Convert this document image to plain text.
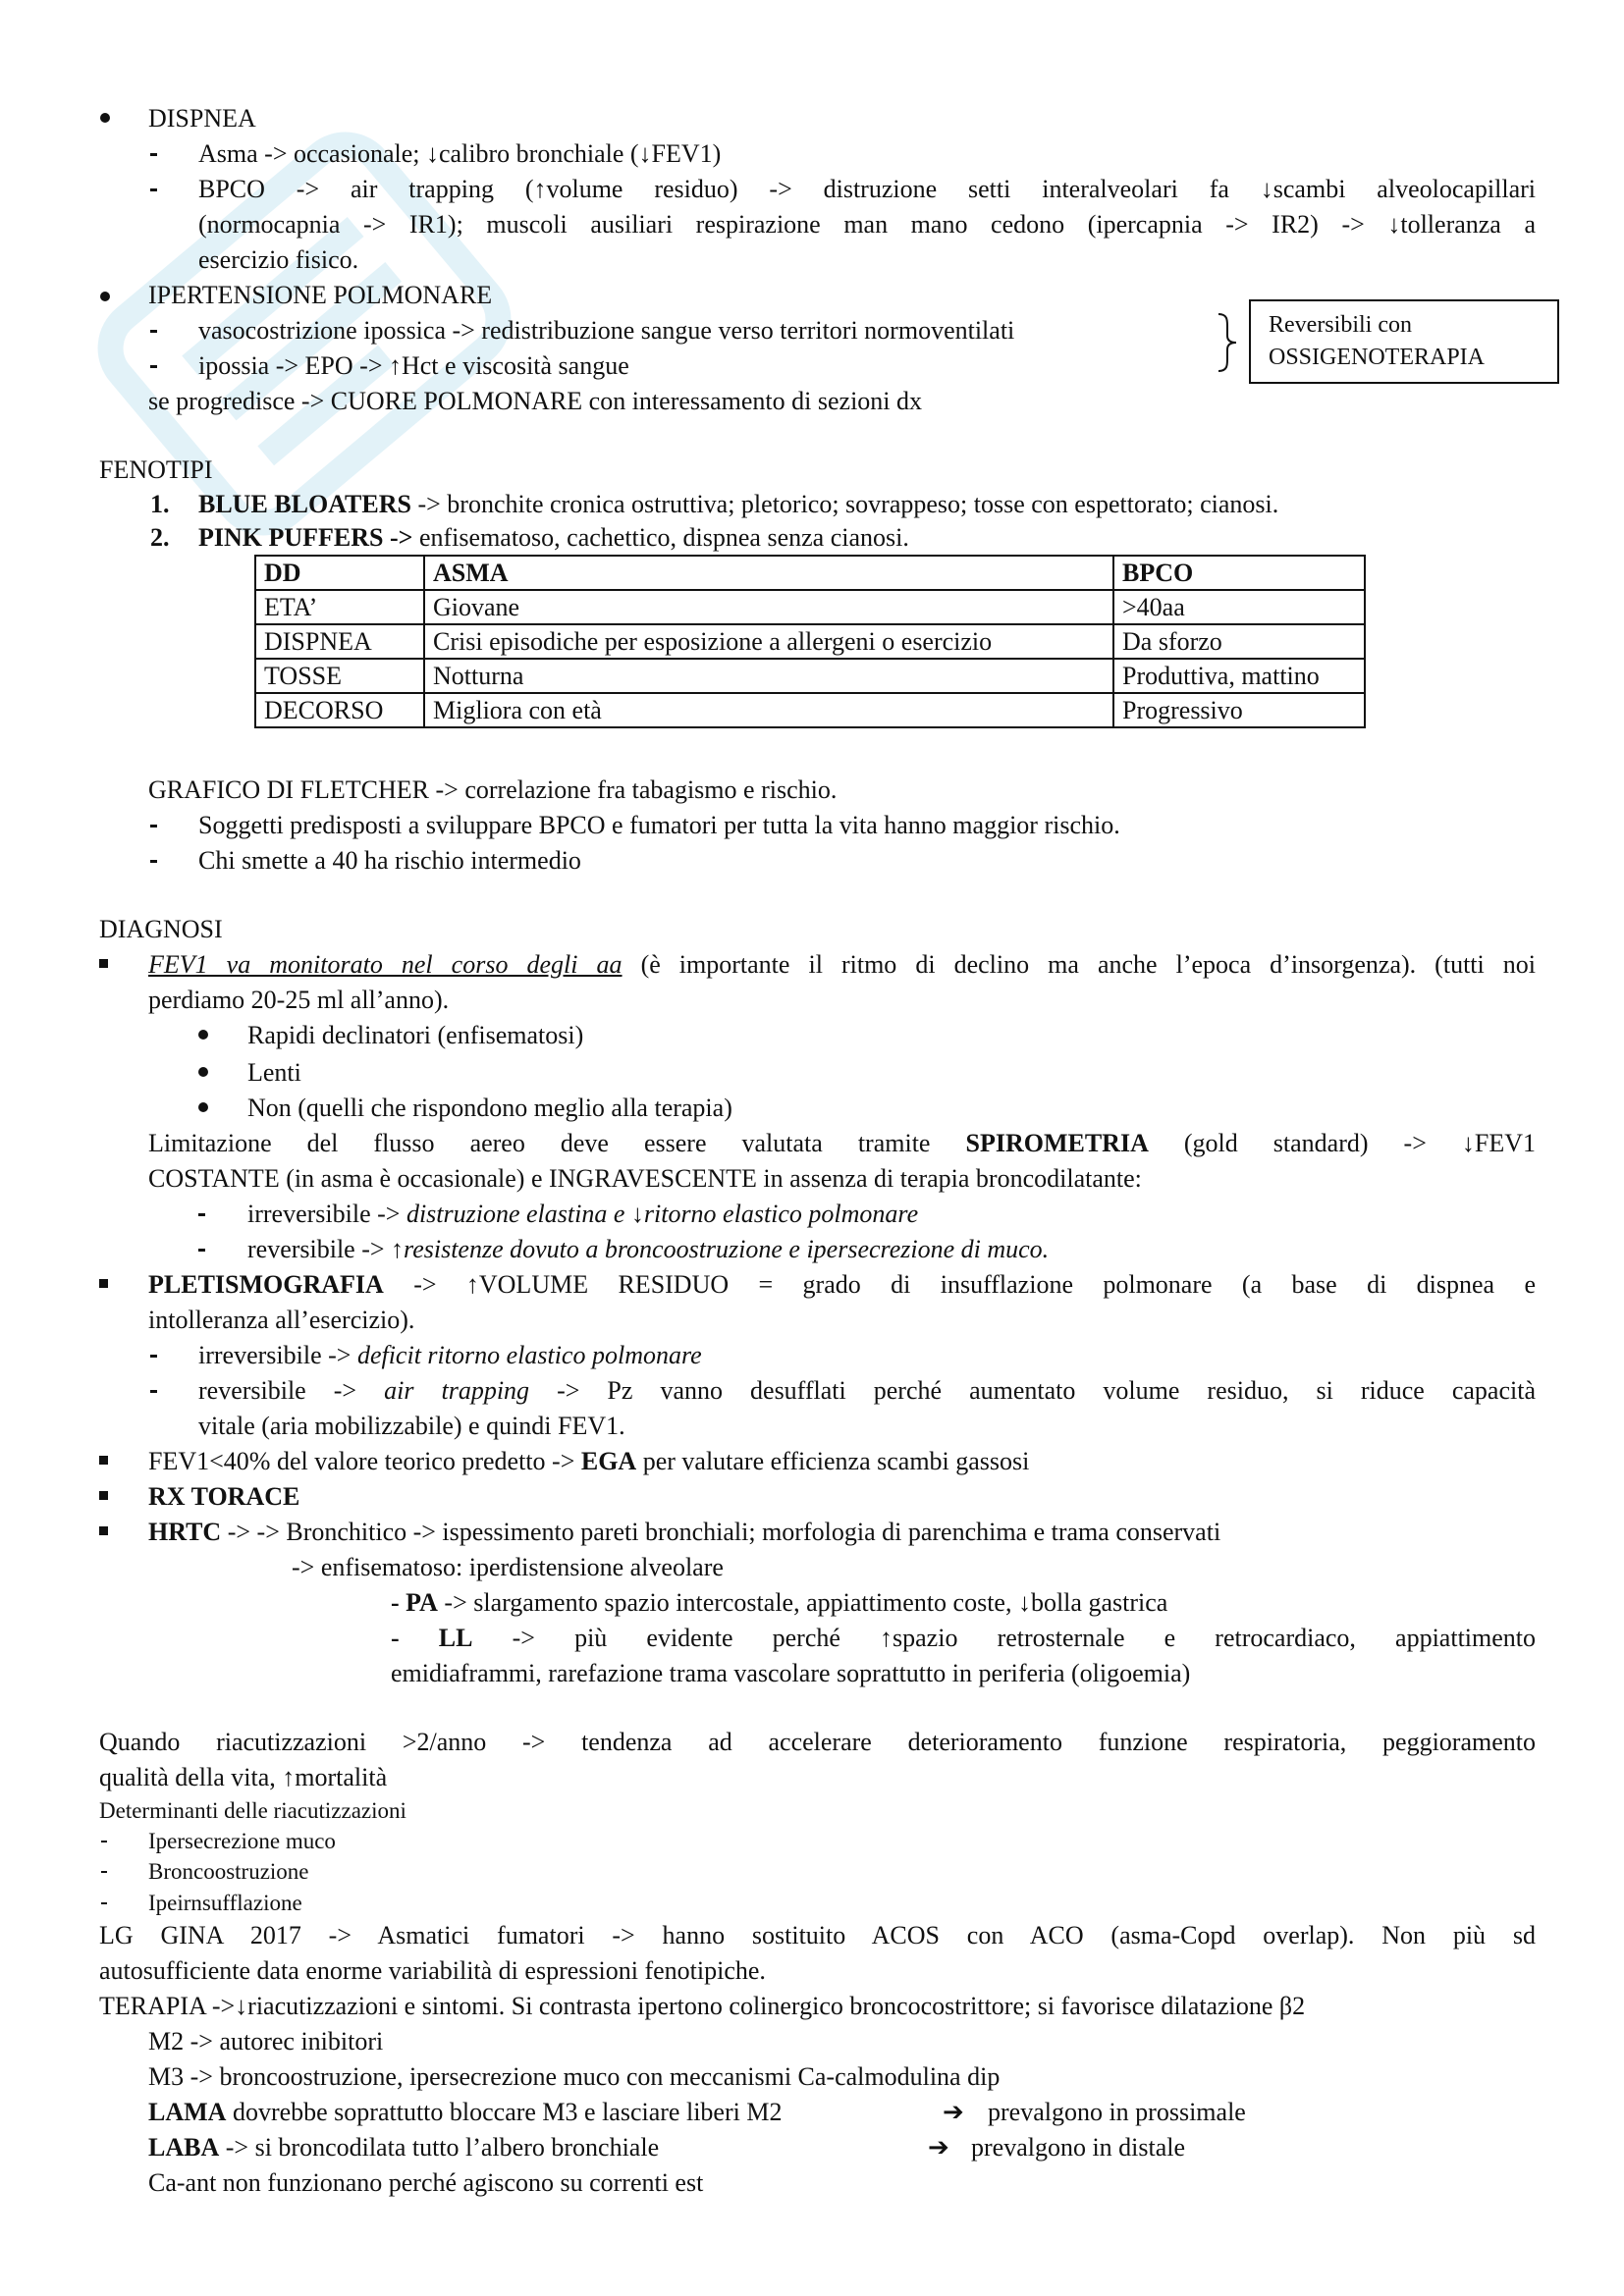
DISPNEA
Asma -> occasionale; ↓calibro bronchiale (↓FEV1)
BPCO -> air trapping (↑volume residuo) -> distruzione setti interalveolari fa ↓scambi alveolocapillari
(normocapnia -> IR1); muscoli ausiliari respirazione man mano cedono (ipercapnia -> IR2) -> ↓tolleranza a
esercizio fisico.
IPERTENSIONE POLMONARE
vasocostrizione ipossica -> redistribuzione sangue verso territori normoventilati
ipossia -> EPO -> ↑Hct e viscosità sangue
se progredisce -> CUORE POLMONARE con interessamento di sezioni dx
Reversibili con
OSSIGENOTERAPIA
FENOTIPI
1. BLUE BLOATERS -> bronchite cronica ostruttiva; pletorico; sovrappeso; tosse con espettorato; cianosi.
2. PINK PUFFERS -> enfisematoso, cachettico, dispnea senza cianosi.
DD	ASMA	BPCO
ETA’	Giovane	>40aa
DISPNEA	Crisi episodiche per esposizione a allergeni o esercizio	Da sforzo
TOSSE	Notturna	Produttiva, mattino
DECORSO	Migliora con età	Progressivo
GRAFICO DI FLETCHER -> correlazione fra tabagismo e rischio.
Soggetti predisposti a sviluppare BPCO e fumatori per tutta la vita hanno maggior rischio.
Chi smette a 40 ha rischio intermedio
DIAGNOSI
FEV1 va monitorato nel corso degli aa (è importante il ritmo di declino ma anche l’epoca d’insorgenza). (tutti noi
perdiamo 20-25 ml all’anno).
Rapidi declinatori (enfisematosi)
Lenti
Non (quelli che rispondono meglio alla terapia)
Limitazione del flusso aereo deve essere valutata tramite SPIROMETRIA (gold standard) -> ↓FEV1
COSTANTE (in asma è occasionale) e INGRAVESCENTE in assenza di terapia broncodilatante:
irreversibile -> distruzione elastina e ↓ritorno elastico polmonare
reversibile -> ↑resistenze dovuto a broncoostruzione e ipersecrezione di muco.
PLETISMOGRAFIA -> ↑VOLUME RESIDUO = grado di insufflazione polmonare (a base di dispnea e
intolleranza all’esercizio).
irreversibile -> deficit ritorno elastico polmonare
reversibile -> air trapping -> Pz vanno desufflati perché aumentato volume residuo, si riduce capacità
vitale (aria mobilizzabile) e quindi FEV1.
FEV1<40% del valore teorico predetto -> EGA per valutare efficienza scambi gassosi
RX TORACE
HRTC -> -> Bronchitico -> ispessimento pareti bronchiali; morfologia di parenchima e trama conservati
-> enfisematoso: iperdistensione alveolare
- PA -> slargamento spazio intercostale, appiattimento coste, ↓bolla gastrica
- LL -> più evidente perché ↑spazio retrosternale e retrocardiaco, appiattimento
emidiaframmi, rarefazione trama vascolare soprattutto in periferia (oligoemia)
Quando riacutizzazioni >2/anno -> tendenza ad accelerare deterioramento funzione respiratoria, peggioramento
qualità della vita, ↑mortalità
Determinanti delle riacutizzazioni
Ipersecrezione muco
Broncoostruzione
Ipeirnsufflazione
LG GINA 2017 -> Asmatici fumatori -> hanno sostituito ACOS con ACO (asma-Copd overlap). Non più sd
autosufficiente data enorme variabilità di espressioni fenotipiche.
TERAPIA ->↓riacutizzazioni e sintomi. Si contrasta ipertono colinergico broncocostrittore; si favorisce dilatazione β2
M2 -> autorec inibitori
M3 -> broncoostruzione, ipersecrezione muco con meccanismi Ca-calmodulina dip
LAMA dovrebbe soprattutto bloccare M3 e lasciare liberi M2	➔ prevalgono in prossimale
LABA -> si broncodilata tutto l’albero bronchiale	➔ prevalgono in distale
Ca-ant non funzionano perché agiscono su correnti est
